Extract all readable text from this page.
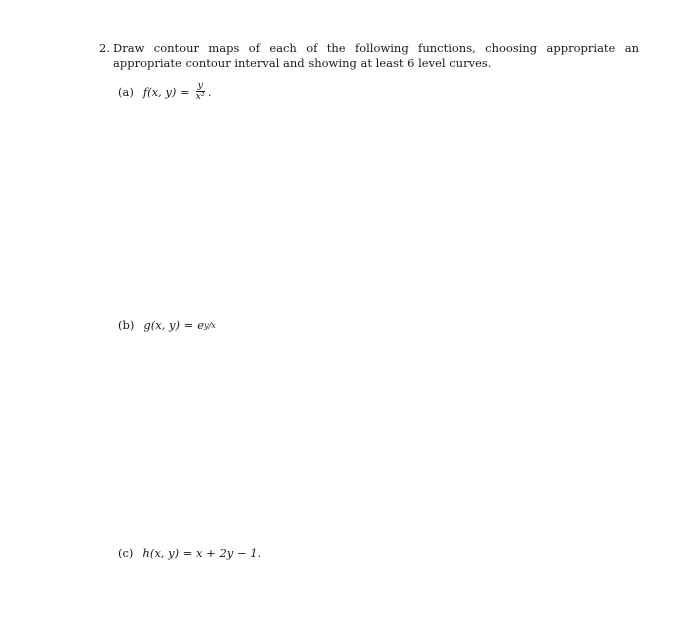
2. Draw contour maps of each of the following functions, choosing appropriate an appropriate contour interval and showing at least 6 level curves.
(a) f(x, $y) = \frac{y}{\text{x²}}$ .
(b) g(x, y) = e y/x
(c) h(x, y) = x + 2y − 1.
